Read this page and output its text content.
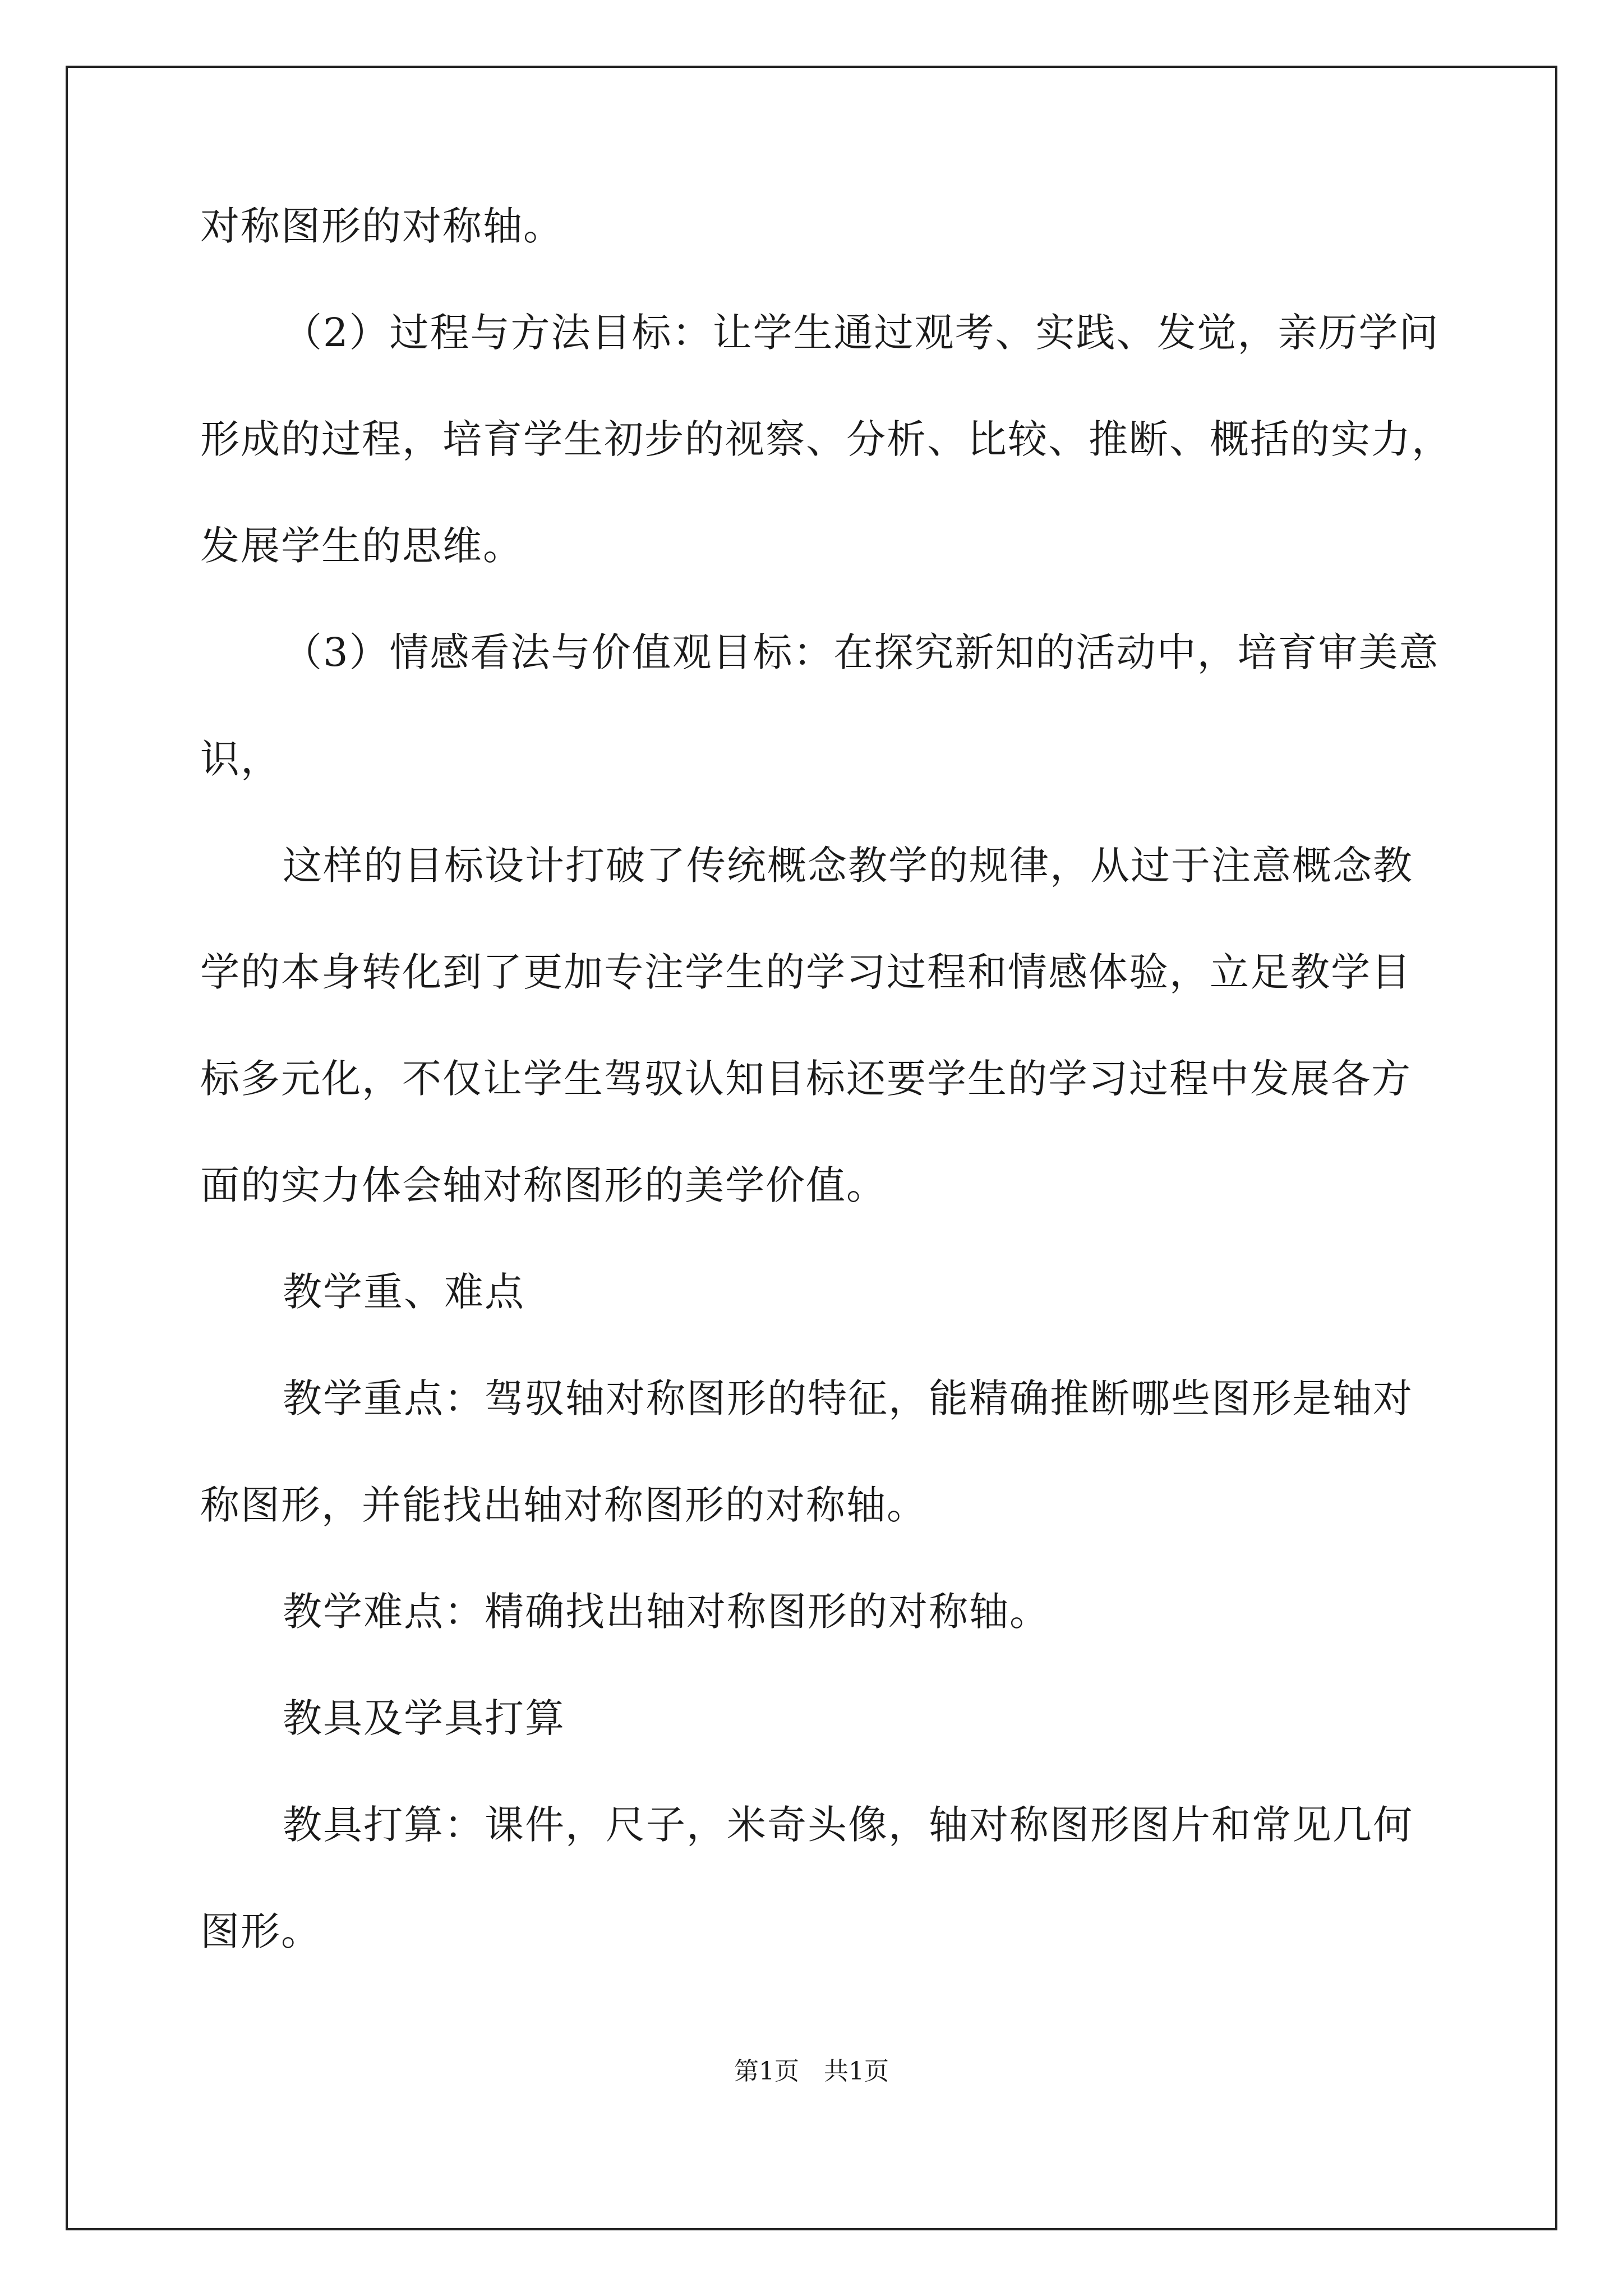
对称图形的对称轴。
（2）过程与方法目标：让学生通过观考、实践、发觉，亲历学问
形成的过程，培育学生初步的视察、分析、比较、推断、概括的实力，
发展学生的思维。
（3）情感看法与价值观目标：在探究新知的活动中，培育审美意
识，
这样的目标设计打破了传统概念教学的规律，从过于注意概念教
学的本身转化到了更加专注学生的学习过程和情感体验，立足教学目
标多元化，不仅让学生驾驭认知目标还要学生的学习过程中发展各方
面的实力体会轴对称图形的美学价值。
教学重、难点
教学重点：驾驭轴对称图形的特征，能精确推断哪些图形是轴对
称图形，并能找出轴对称图形的对称轴。
教学难点：精确找出轴对称图形的对称轴。
教具及学具打算
教具打算：课件，尺子，米奇头像，轴对称图形图片和常见几何
图形。
第1页　共1页
